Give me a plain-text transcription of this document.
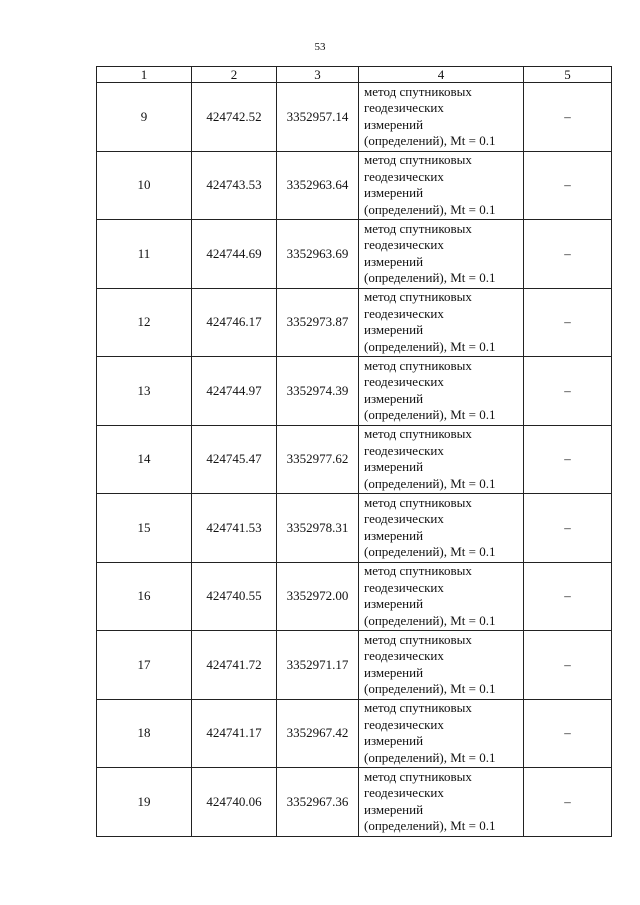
53
1	2	3	4	5
9	424742.52	3352957.14	метод спутниковых
геодезических
измерений
(определений), Mt = 0.1	–
10	424743.53	3352963.64	метод спутниковых
геодезических
измерений
(определений), Mt = 0.1	–
11	424744.69	3352963.69	метод спутниковых
геодезических
измерений
(определений), Mt = 0.1	–
12	424746.17	3352973.87	метод спутниковых
геодезических
измерений
(определений), Mt = 0.1	–
13	424744.97	3352974.39	метод спутниковых
геодезических
измерений
(определений), Mt = 0.1	–
14	424745.47	3352977.62	метод спутниковых
геодезических
измерений
(определений), Mt = 0.1	–
15	424741.53	3352978.31	метод спутниковых
геодезических
измерений
(определений), Mt = 0.1	–
16	424740.55	3352972.00	метод спутниковых
геодезических
измерений
(определений), Mt = 0.1	–
17	424741.72	3352971.17	метод спутниковых
геодезических
измерений
(определений), Mt = 0.1	–
18	424741.17	3352967.42	метод спутниковых
геодезических
измерений
(определений), Mt = 0.1	–
19	424740.06	3352967.36	метод спутниковых
геодезических
измерений
(определений), Mt = 0.1	–
